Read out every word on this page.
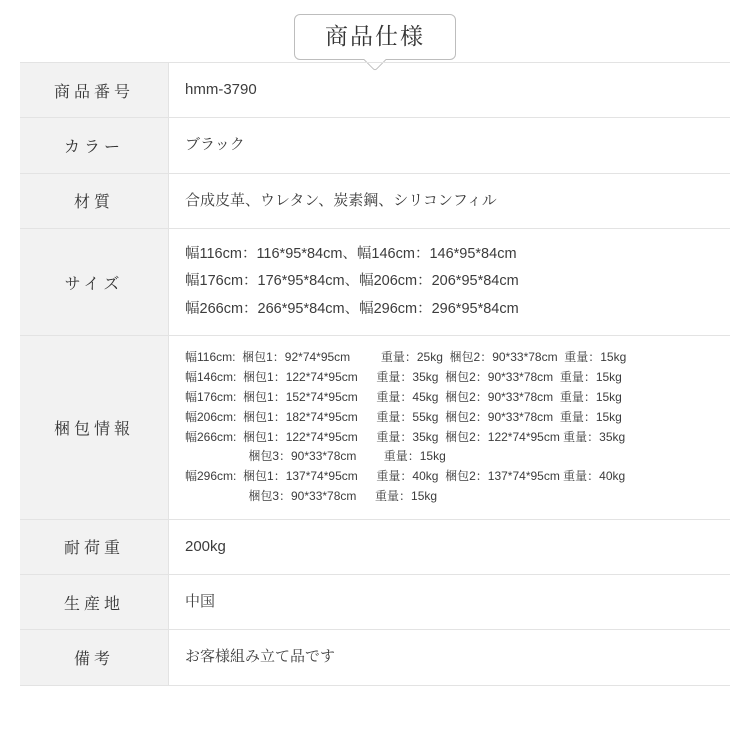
商品仕様
商品番号	hmm-3790

カラー	ブラック

材質	合成皮革、ウレタン、炭素鋼、シリコンフィル

サイズ	幅116cm：116*95*84cm、幅146cm：146*95*84cm
幅176cm：176*95*84cm、幅206cm：206*95*84cm
幅266cm：266*95*84cm、幅296cm：296*95*84cm

梱包情報	
幅116cm:  梱包1：92*74*95cm　　  重量：25kg  梱包2：90*33*78cm  重量：15kg
幅146cm:  梱包1：122*74*95cm　  重量：35kg  梱包2：90*33*78cm  重量：15kg
幅176cm:  梱包1：152*74*95cm　  重量：45kg  梱包2：90*33*78cm  重量：15kg
幅206cm:  梱包1：182*74*95cm　  重量：55kg  梱包2：90*33*78cm  重量：15kg
幅266cm:  梱包1：122*74*95cm　  重量：35kg  梱包2：122*74*95cm 重量：35kg
　　　　　 梱包3：90*33*78cm　 　重量：15kg
幅296cm:  梱包1：137*74*95cm　  重量：40kg  梱包2：137*74*95cm 重量：40kg
　　　　　 梱包3：90*33*78cm　  重量：15kg

耐荷重	200kg

生産地	中国

備考	お客様組み立て品です
